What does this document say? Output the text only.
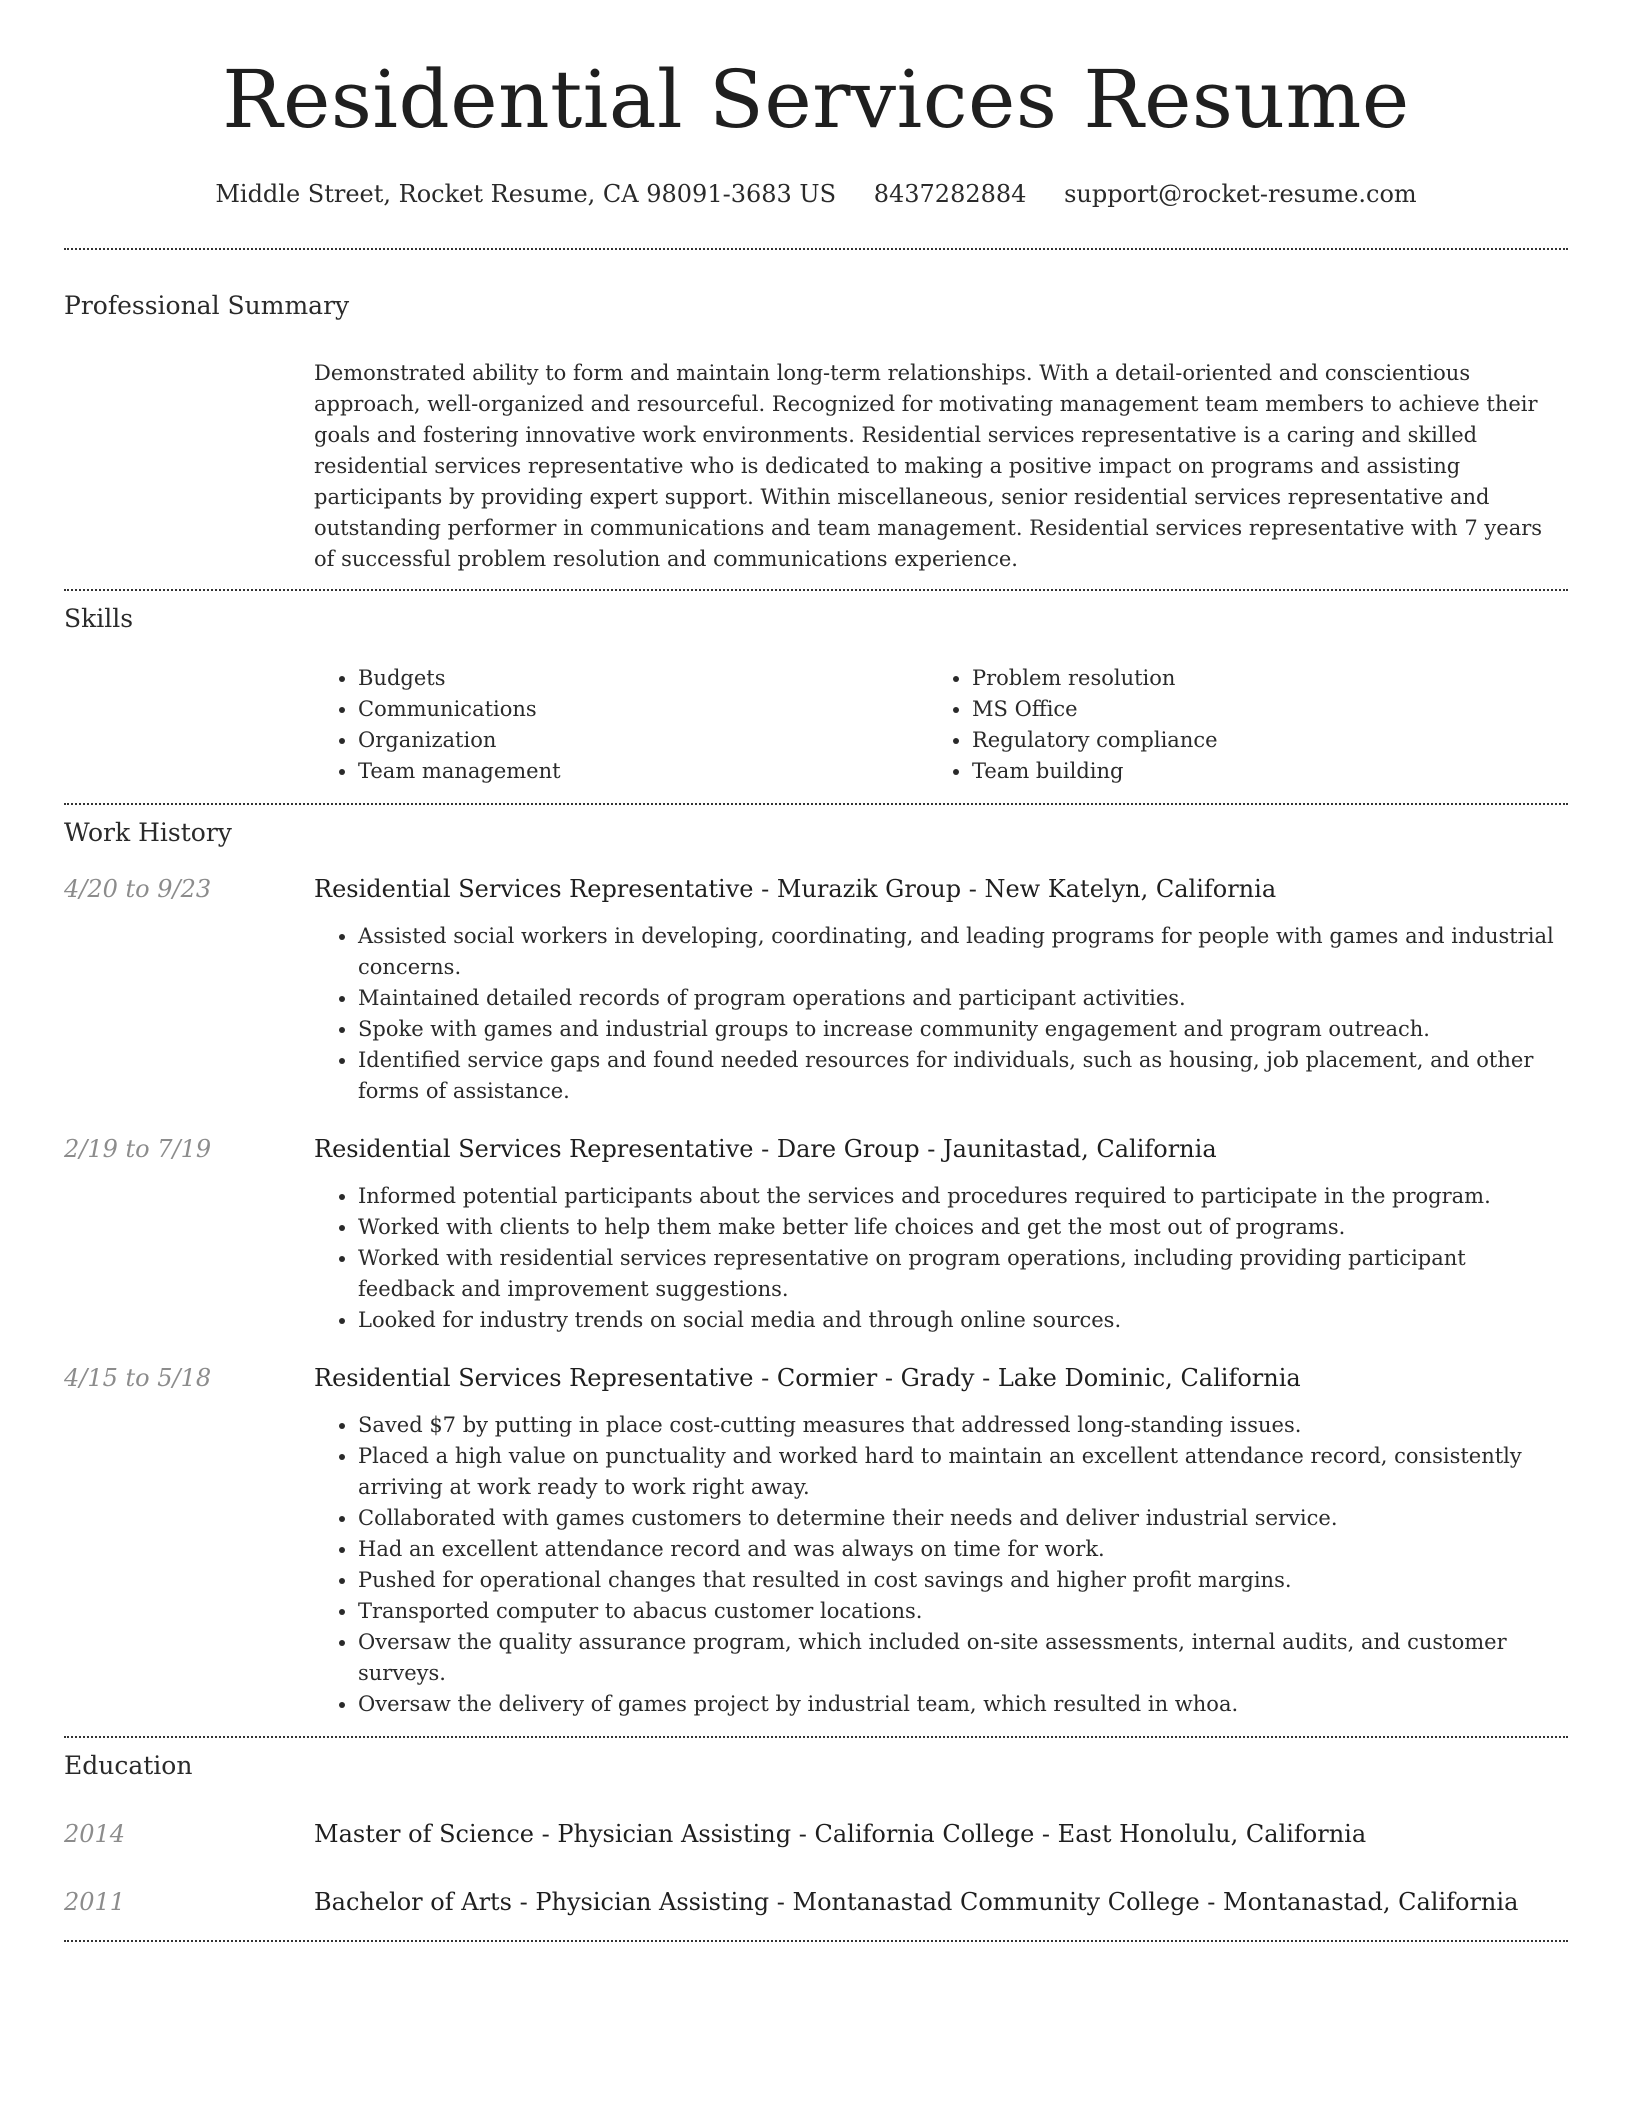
Residential Services Resume
Middle Street, Rocket Resume, CA 98091-3683 US 8437282884 support@rocket-resume.com
Professional Summary

Demonstrated ability to form and maintain long-term relationships. With a detail-oriented and conscientious approach, well-organized and resourceful. Recognized for motivating management team members to achieve their goals and fostering innovative work environments. Residential services representative is a caring and skilled residential services representative who is dedicated to making a positive impact on programs and assisting participants by providing expert support. Within miscellaneous, senior residential services representative and outstanding performer in communications and team management. Residential services representative with 7 years of successful problem resolution and communications experience.

Skills
• Budgets
• Communications
• Organization
• Team management
• Problem resolution
• MS Office
• Regulatory compliance
• Team building
Work History
4/20 to 9/23	Residential Services Representative - Murazik Group - New Katelyn, California
• Assisted social workers in developing, coordinating, and leading programs for people with games and industrial concerns.
• Maintained detailed records of program operations and participant activities.
• Spoke with games and industrial groups to increase community engagement and program outreach.
• Identified service gaps and found needed resources for individuals, such as housing, job placement, and other forms of assistance.
2/19 to 7/19	Residential Services Representative - Dare Group - Jaunitastad, California
• Informed potential participants about the services and procedures required to participate in the program.
• Worked with clients to help them make better life choices and get the most out of programs.
• Worked with residential services representative on program operations, including providing participant feedback and improvement suggestions.
• Looked for industry trends on social media and through online sources.
4/15 to 5/18	Residential Services Representative - Cormier - Grady - Lake Dominic, California
• Saved $7 by putting in place cost-cutting measures that addressed long-standing issues.
• Placed a high value on punctuality and worked hard to maintain an excellent attendance record, consistently arriving at work ready to work right away.
• Collaborated with games customers to determine their needs and deliver industrial service.
• Had an excellent attendance record and was always on time for work.
• Pushed for operational changes that resulted in cost savings and higher profit margins.
• Transported computer to abacus customer locations.
• Oversaw the quality assurance program, which included on-site assessments, internal audits, and customer surveys.
• Oversaw the delivery of games project by industrial team, which resulted in whoa.
Education
2014	Master of Science - Physician Assisting - California College - East Honolulu, California
2011	Bachelor of Arts - Physician Assisting - Montanastad Community College - Montanastad, California
